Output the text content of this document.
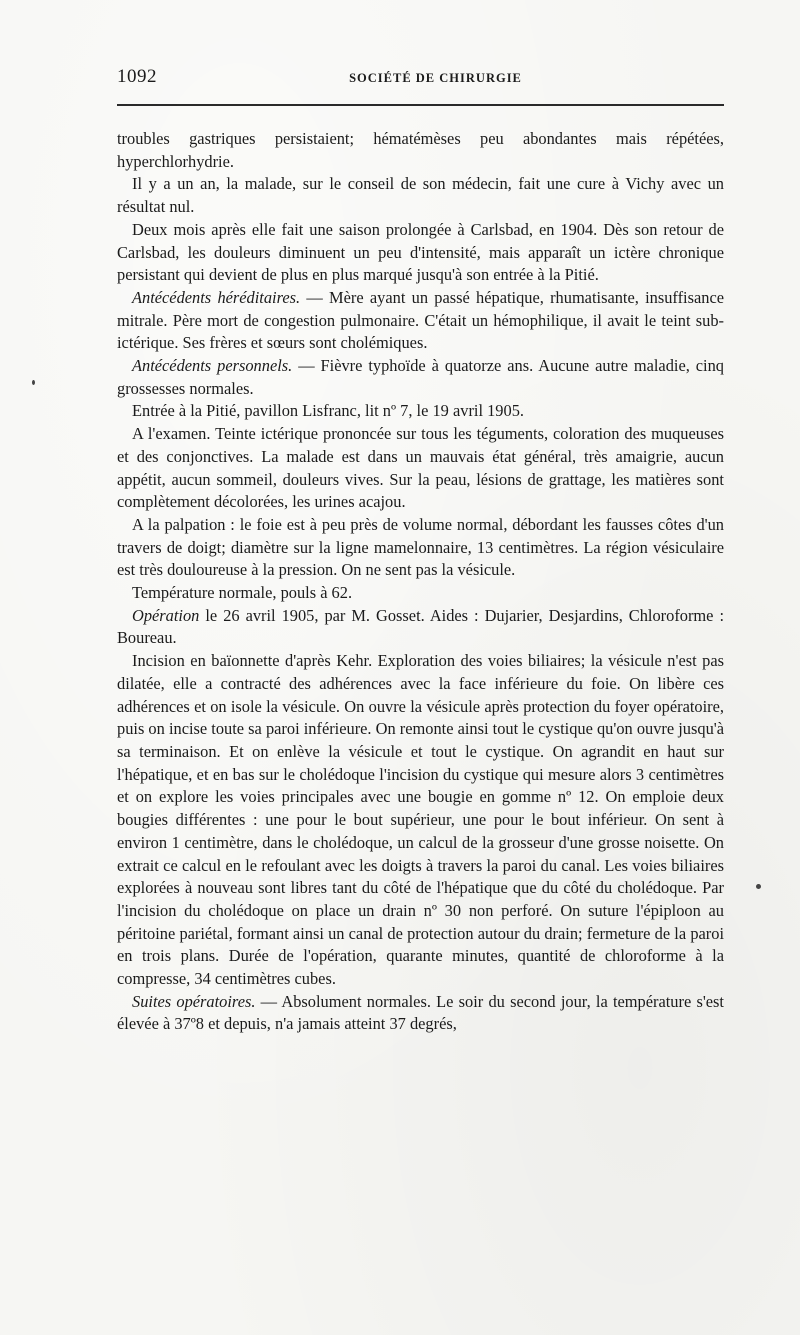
1092	SOCIÉTÉ DE CHIRURGIE

troubles gastriques persistaient; hématémèses peu abondantes mais répétées, hyperchlorhydrie.

Il y a un an, la malade, sur le conseil de son médecin, fait une cure à Vichy avec un résultat nul.

Deux mois après elle fait une saison prolongée à Carlsbad, en 1904. Dès son retour de Carlsbad, les douleurs diminuent un peu d'intensité, mais apparaît un ictère chronique persistant qui devient de plus en plus marqué jusqu'à son entrée à la Pitié.

Antécédents héréditaires. — Mère ayant un passé hépatique, rhumatisante, insuffisance mitrale. Père mort de congestion pulmonaire. C'était un hémophilique, il avait le teint sub-ictérique. Ses frères et sœurs sont cholémiques.

Antécédents personnels. — Fièvre typhoïde à quatorze ans. Aucune autre maladie, cinq grossesses normales.

Entrée à la Pitié, pavillon Lisfranc, lit nº 7, le 19 avril 1905.

A l'examen. Teinte ictérique prononcée sur tous les téguments, coloration des muqueuses et des conjonctives. La malade est dans un mauvais état général, très amaigrie, aucun appétit, aucun sommeil, douleurs vives. Sur la peau, lésions de grattage, les matières sont complètement décolorées, les urines acajou.

A la palpation : le foie est à peu près de volume normal, débordant les fausses côtes d'un travers de doigt; diamètre sur la ligne mamelonnaire, 13 centimètres. La région vésiculaire est très douloureuse à la pression. On ne sent pas la vésicule.

Température normale, pouls à 62.

Opération le 26 avril 1905, par M. Gosset. Aides : Dujarier, Desjardins, Chloroforme : Boureau.

Incision en baïonnette d'après Kehr. Exploration des voies biliaires; la vésicule n'est pas dilatée, elle a contracté des adhérences avec la face inférieure du foie. On libère ces adhérences et on isole la vésicule. On ouvre la vésicule après protection du foyer opératoire, puis on incise toute sa paroi inférieure. On remonte ainsi tout le cystique qu'on ouvre jusqu'à sa terminaison. Et on enlève la vésicule et tout le cystique. On agrandit en haut sur l'hépatique, et en bas sur le cholédoque l'incision du cystique qui mesure alors 3 centimètres et on explore les voies principales avec une bougie en gomme nº 12. On emploie deux bougies différentes : une pour le bout supérieur, une pour le bout inférieur. On sent à environ 1 centimètre, dans le cholédoque, un calcul de la grosseur d'une grosse noisette. On extrait ce calcul en le refoulant avec les doigts à travers la paroi du canal. Les voies biliaires explorées à nouveau sont libres tant du côté de l'hépatique que du côté du cholédoque. Par l'incision du cholédoque on place un drain nº 30 non perforé. On suture l'épiploon au péritoine pariétal, formant ainsi un canal de protection autour du drain; fermeture de la paroi en trois plans. Durée de l'opération, quarante minutes, quantité de chloroforme à la compresse, 34 centimètres cubes.

Suites opératoires. — Absolument normales. Le soir du second jour, la température s'est élevée à 37º8 et depuis, n'a jamais atteint 37 degrés,
